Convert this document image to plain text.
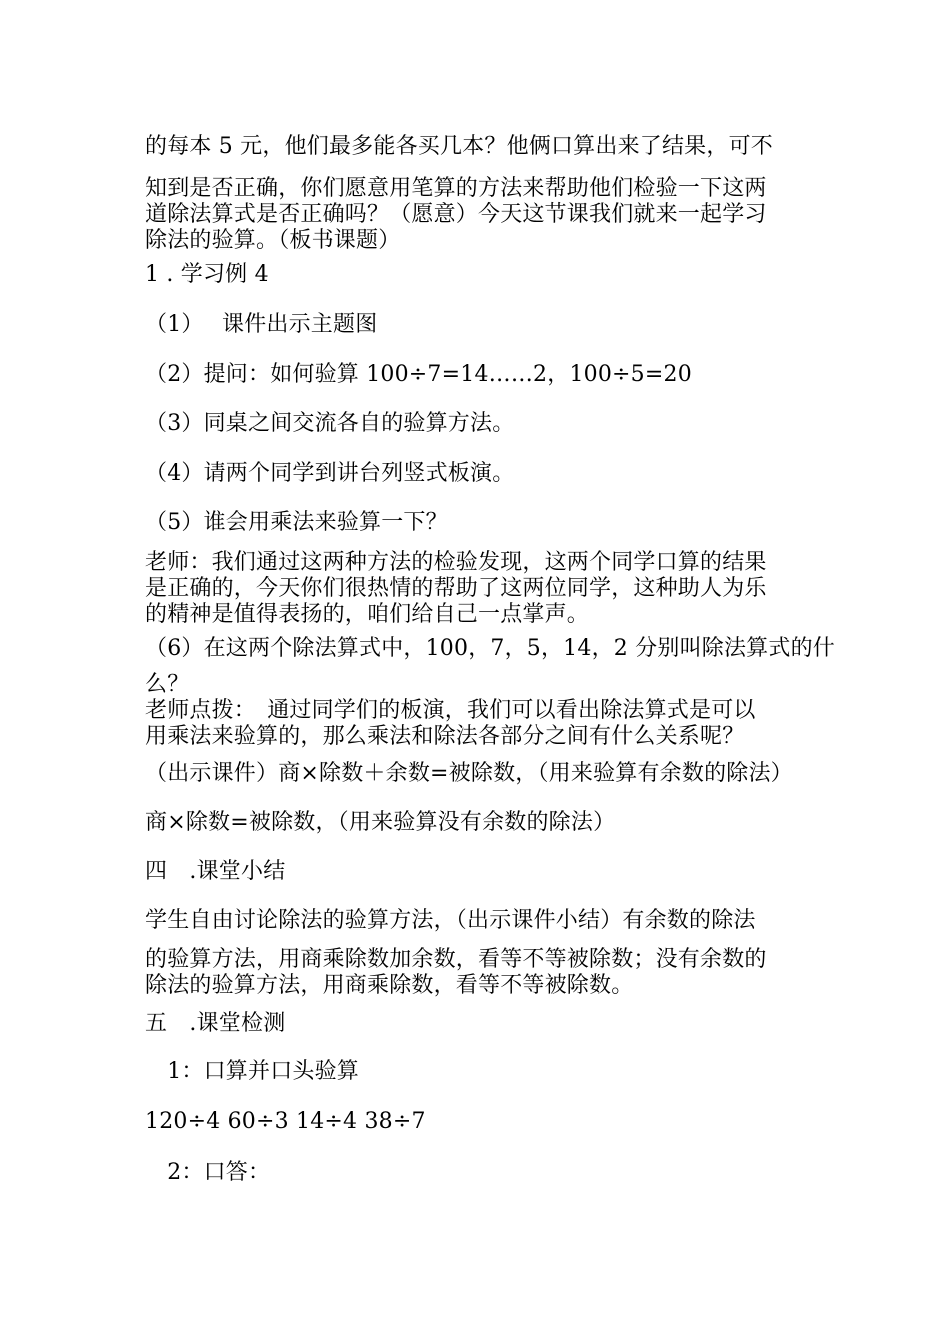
的每本 5 元，他们最多能各买几本？他俩口算出来了结果，可不
知到是否正确，你们愿意用笔算的方法来帮助他们检验一下这两
道除法算式是否正确吗？（愿意）今天这节课我们就来一起学习
除法的验算。（板书课题）
1 . 学习例 4
（1）　 课件出示主题图
（2）提问：如何验算 100÷7=14……2，100÷5=20
（3）同桌之间交流各自的验算方法。
（4）请两个同学到讲台列竖式板演。
（5）谁会用乘法来验算一下？
老师：我们通过这两种方法的检验发现，这两个同学口算的结果
是正确的，今天你们很热情的帮助了这两位同学，这种助人为乐
的精神是值得表扬的，咱们给自己一点掌声。
（6）在这两个除法算式中，100，7，5，14，2 分别叫除法算式的什
么？
老师点拨：　通过同学们的板演，我们可以看出除法算式是可以
用乘法来验算的，那么乘法和除法各部分之间有什么关系呢？
（出示课件）商×除数＋余数=被除数，（用来验算有余数的除法）
商×除数=被除数，（用来验算没有余数的除法）
四　.课堂小结
学生自由讨论除法的验算方法，（出示课件小结）有余数的除法
的验算方法，用商乘除数加余数，看等不等被除数；没有余数的
除法的验算方法，用商乘除数，看等不等被除数。
五　.课堂检测
　1：口算并口头验算
120÷4 60÷3 14÷4 38÷7
　2：口答：
